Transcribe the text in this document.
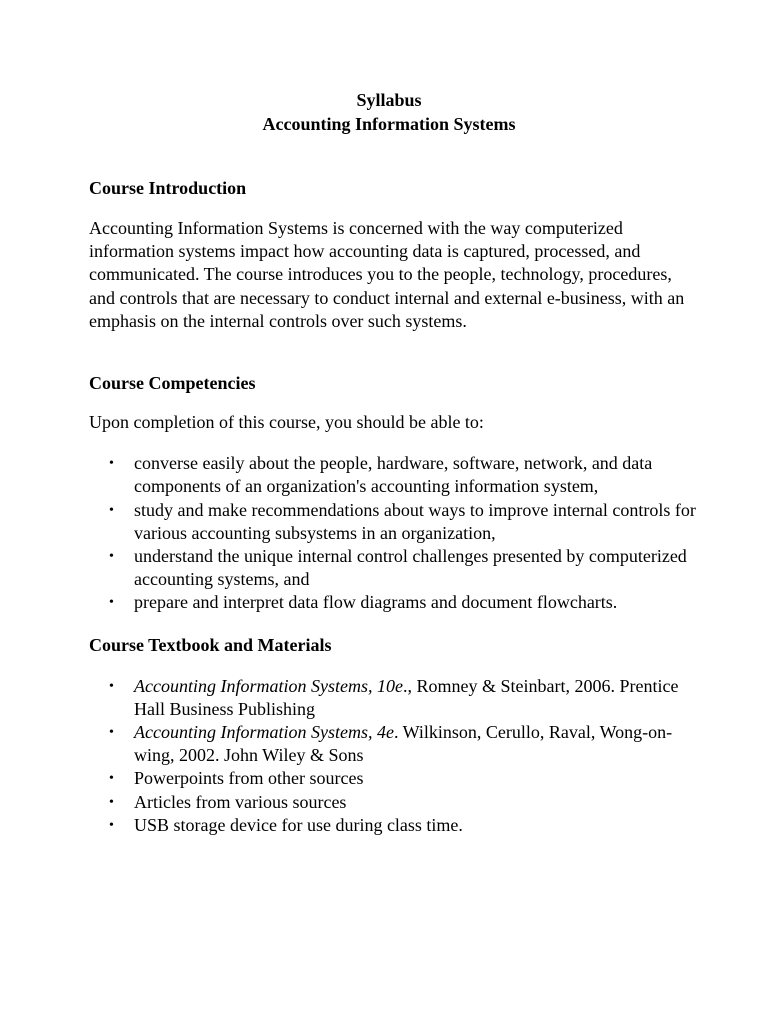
Syllabus
Accounting Information Systems
Course Introduction

Accounting Information Systems is concerned with the way computerized information systems impact how accounting data is captured, processed, and communicated. The course introduces you to the people, technology, procedures, and controls that are necessary to conduct internal and external e-business, with an emphasis on the internal controls over such systems.

Course Competencies

Upon completion of this course, you should be able to:

• converse easily about the people, hardware, software, network, and data components of an organization's accounting information system,
• study and make recommendations about ways to improve internal controls for various accounting subsystems in an organization,
• understand the unique internal control challenges presented by computerized accounting systems, and
• prepare and interpret data flow diagrams and document flowcharts.
Course Textbook and Materials
• Accounting Information Systems, 10e., Romney & Steinbart, 2006. Prentice Hall Business Publishing
• Accounting Information Systems, 4e. Wilkinson, Cerullo, Raval, Wong-on-wing, 2002. John Wiley & Sons
• Powerpoints from other sources
• Articles from various sources
• USB storage device for use during class time.
